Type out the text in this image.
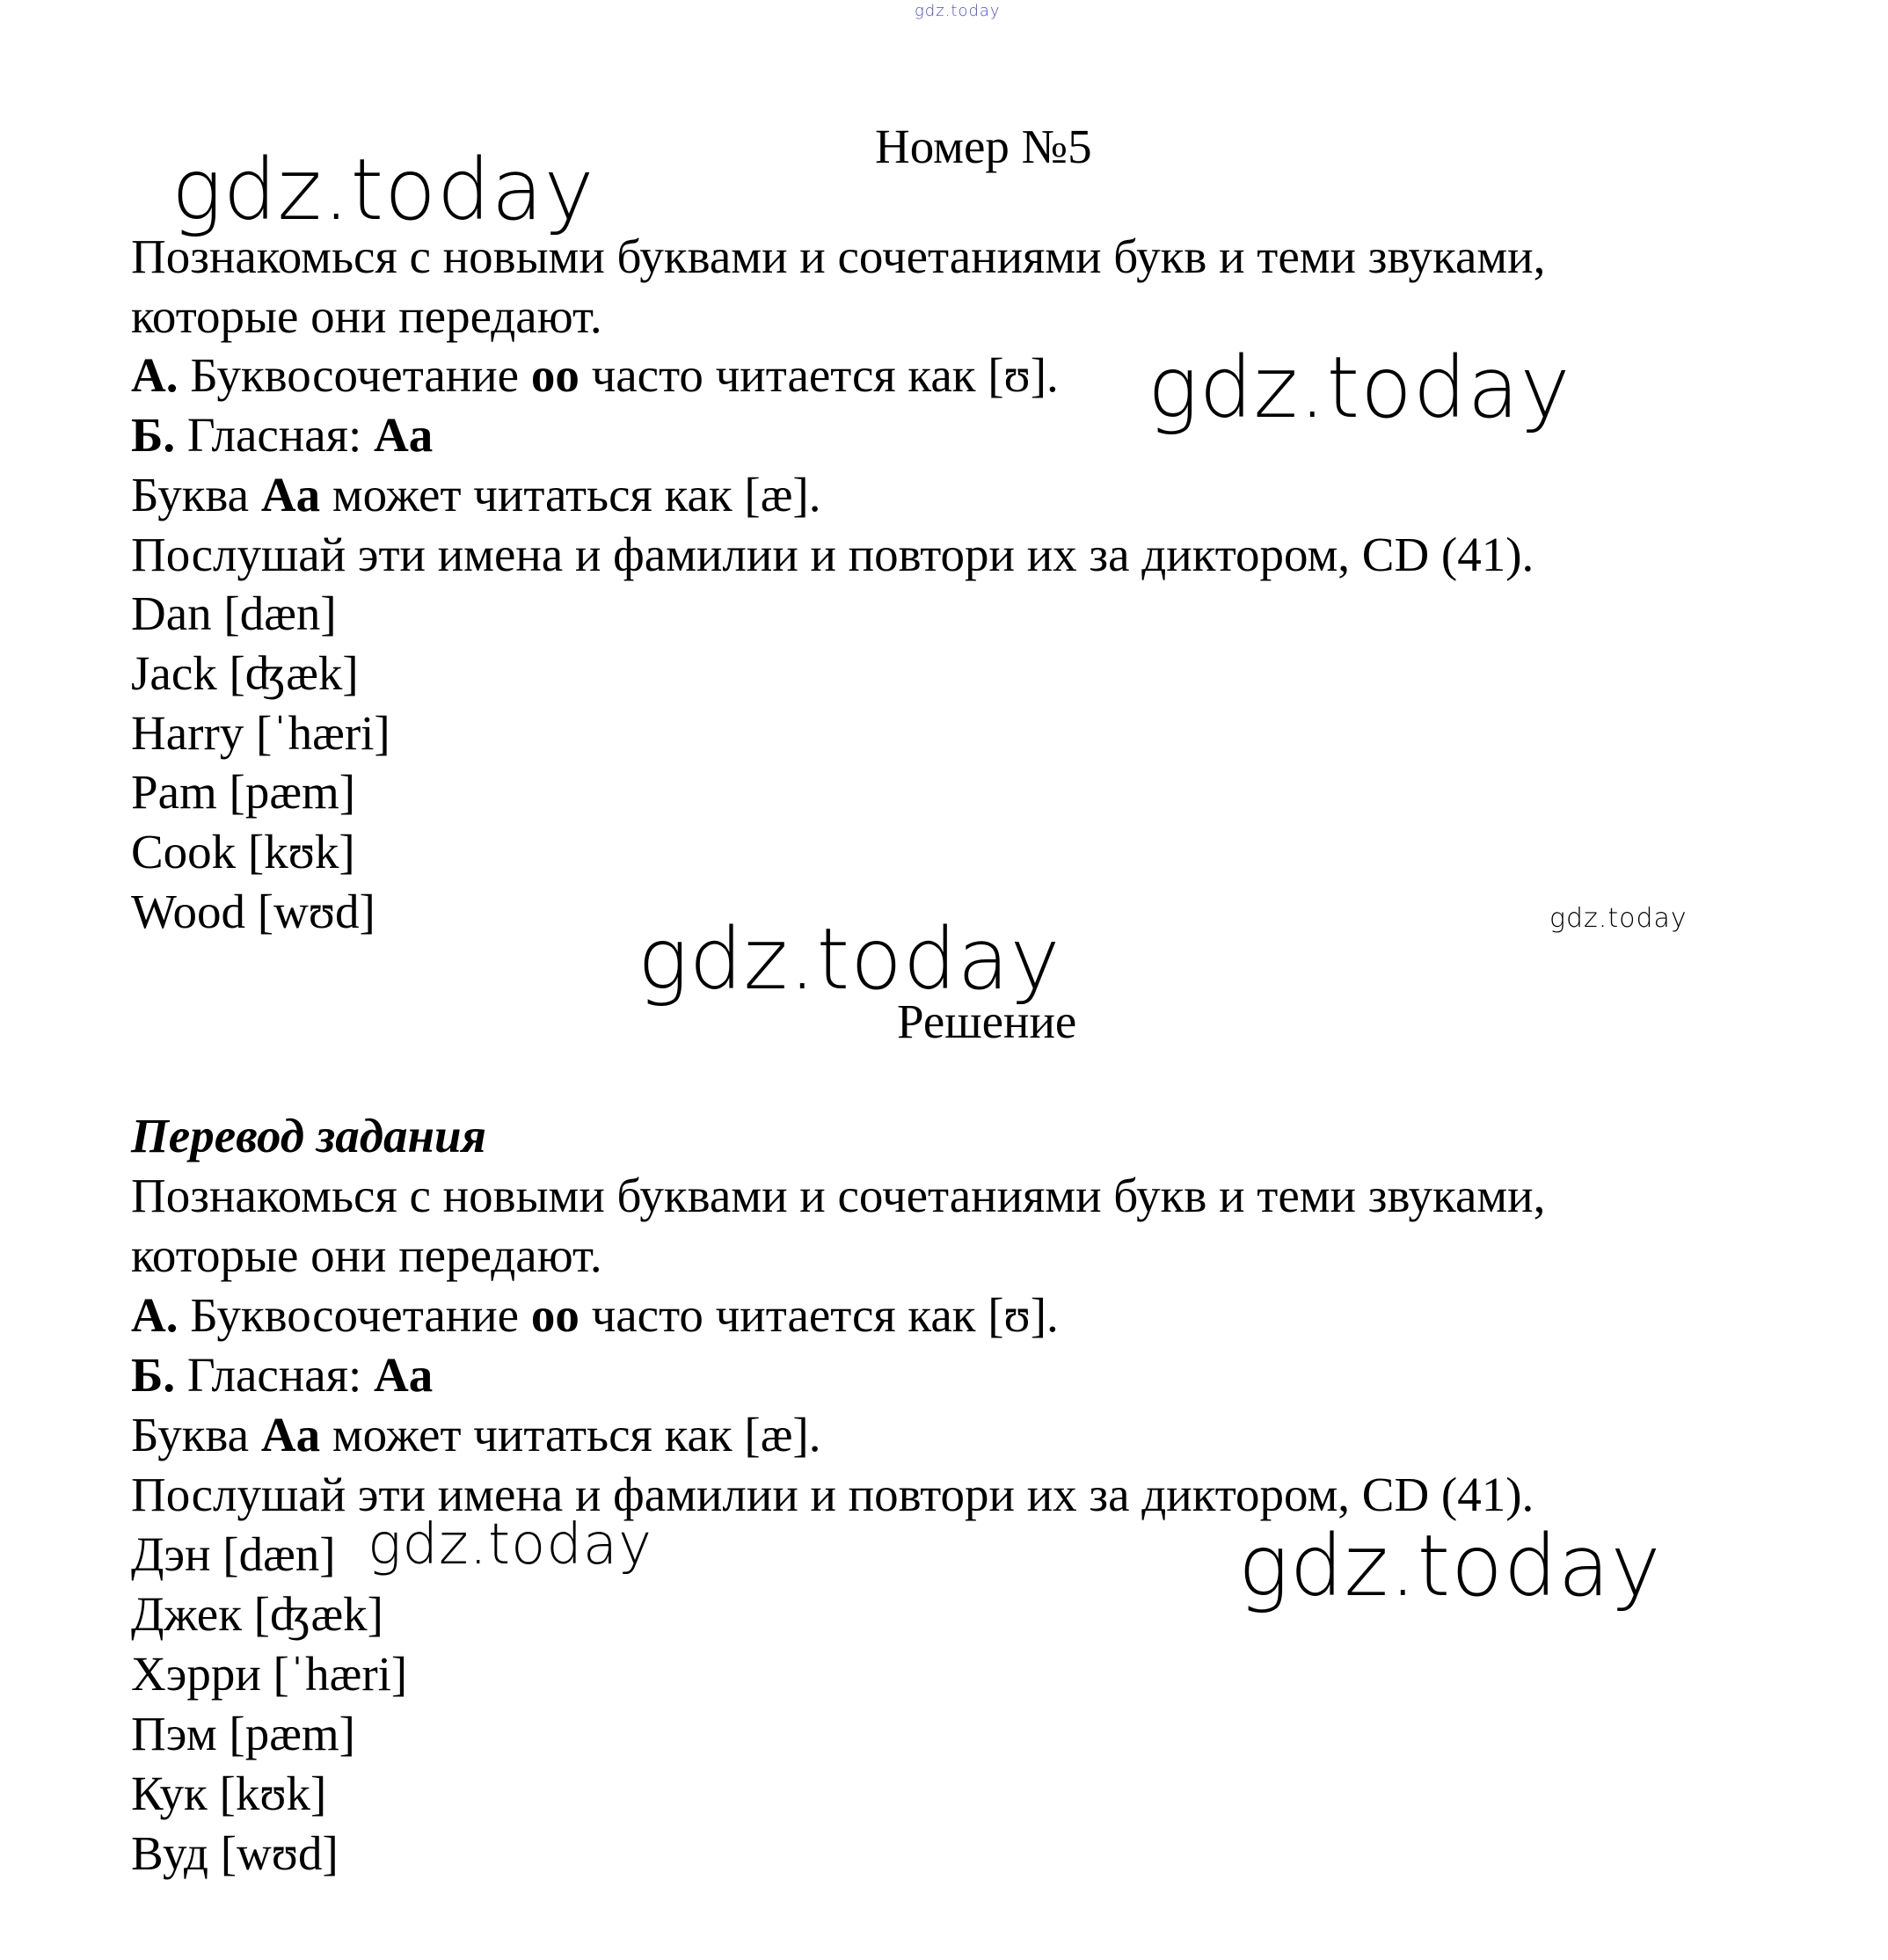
gdz.today
Номер №5
gdz.today
Познакомься с новыми буквами и сочетаниями букв и теми звуками,
которые они передают.
А. Буквосочетание oo часто читается как [ʊ]. gdz.today
Б. Гласная: Aa
Буква Aa может читаться как [æ].
Послушай эти имена и фамилии и повтори их за диктором, CD (41).
Dan [dæn]
Jack [ʤæk]
Harry [ˈhæri]
Pam [pæm]
Cook [kʊk]
Wood [wʊd]	gdz.today
gdz.today
Решение
Перевод задания
Познакомься с новыми буквами и сочетаниями букв и теми звуками,
которые они передают.
А. Буквосочетание oo часто читается как [ʊ].
Б. Гласная: Aa
Буква Aa может читаться как [æ].
Послушай эти имена и фамилии и повтори их за диктором, CD (41).
Дэн [dæn] gdz.today	gdz.today
Джек [ʤæk]
Хэрри [ˈhæri]
Пэм [pæm]
Кук [kʊk]
Вуд [wʊd]
